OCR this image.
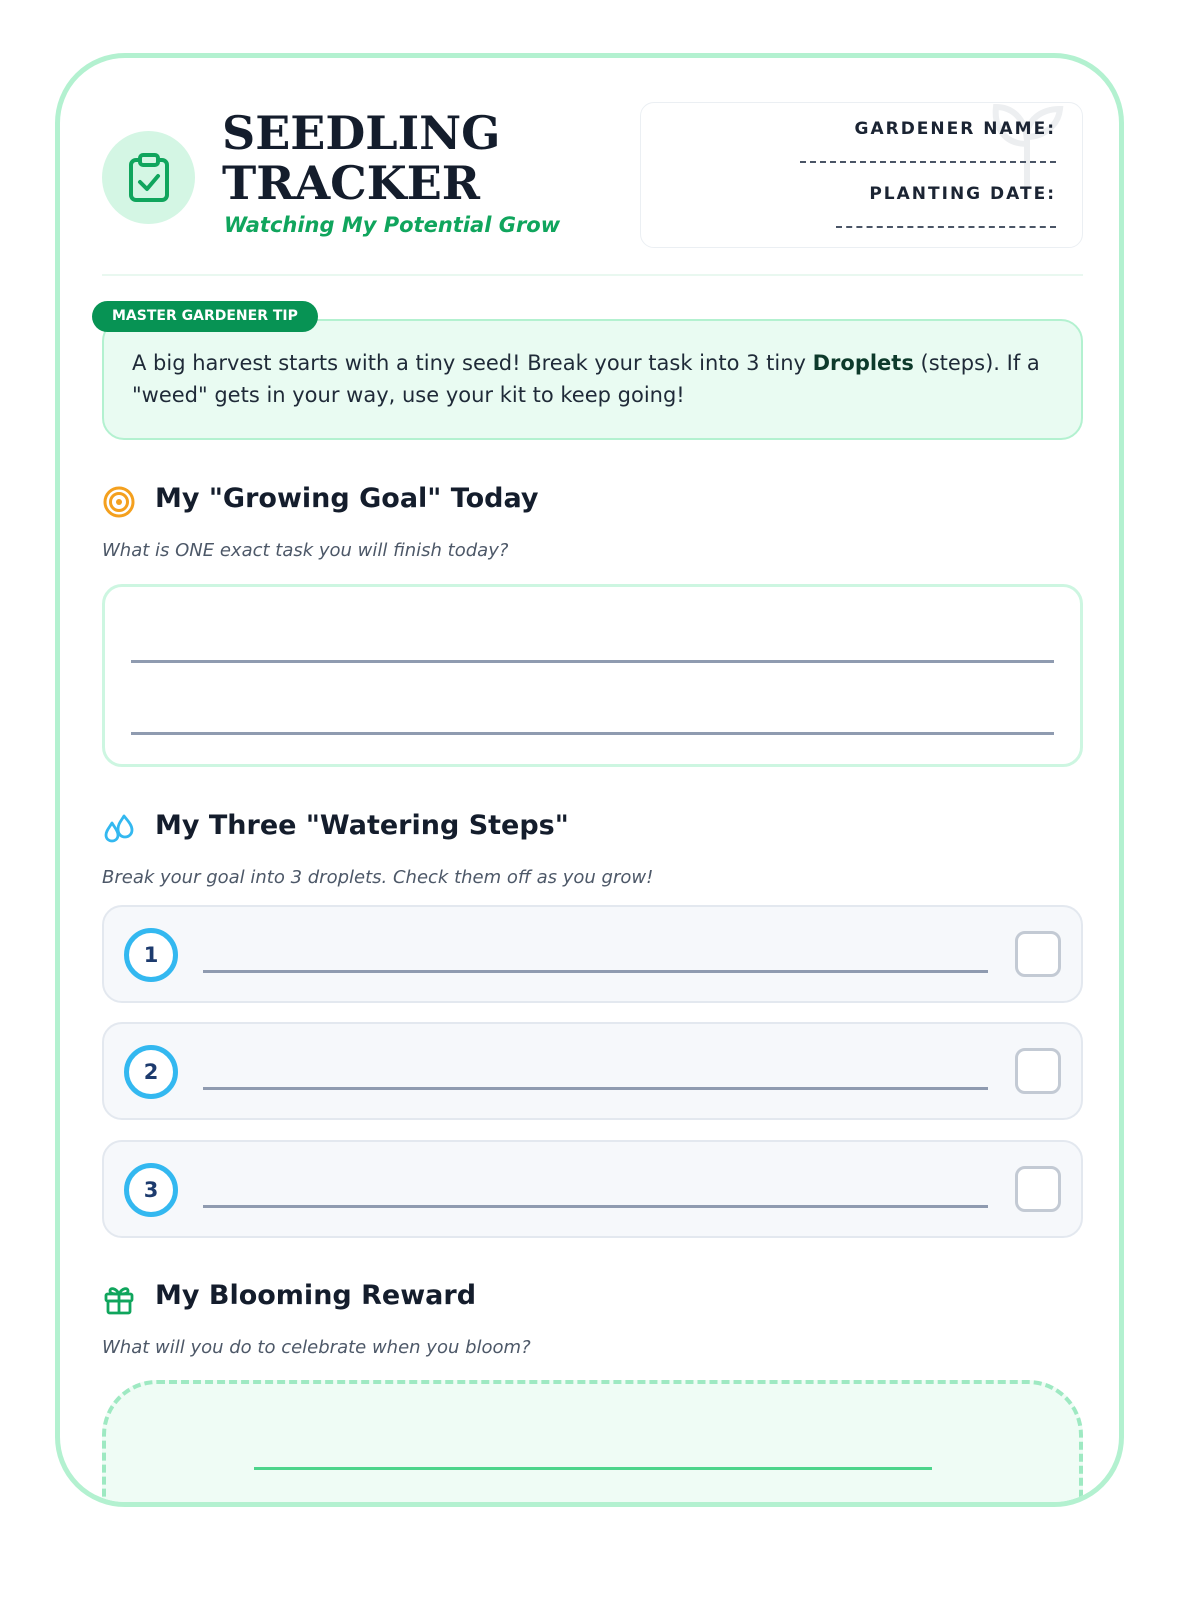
SEEDLING
TRACKER
Watching My Potential Grow
GARDENER NAME:
PLANTING DATE:
A big harvest starts with a tiny seed! Break your task into 3 tiny Droplets (steps). If a "weed" gets in your way, use your kit to keep going!
MASTER GARDENER TIP
My "Growing Goal" Today
What is ONE exact task you will finish today?
My Three "Watering Steps"
Break your goal into 3 droplets. Check them off as you grow!
1
2
3
My Blooming Reward
What will you do to celebrate when you bloom?
